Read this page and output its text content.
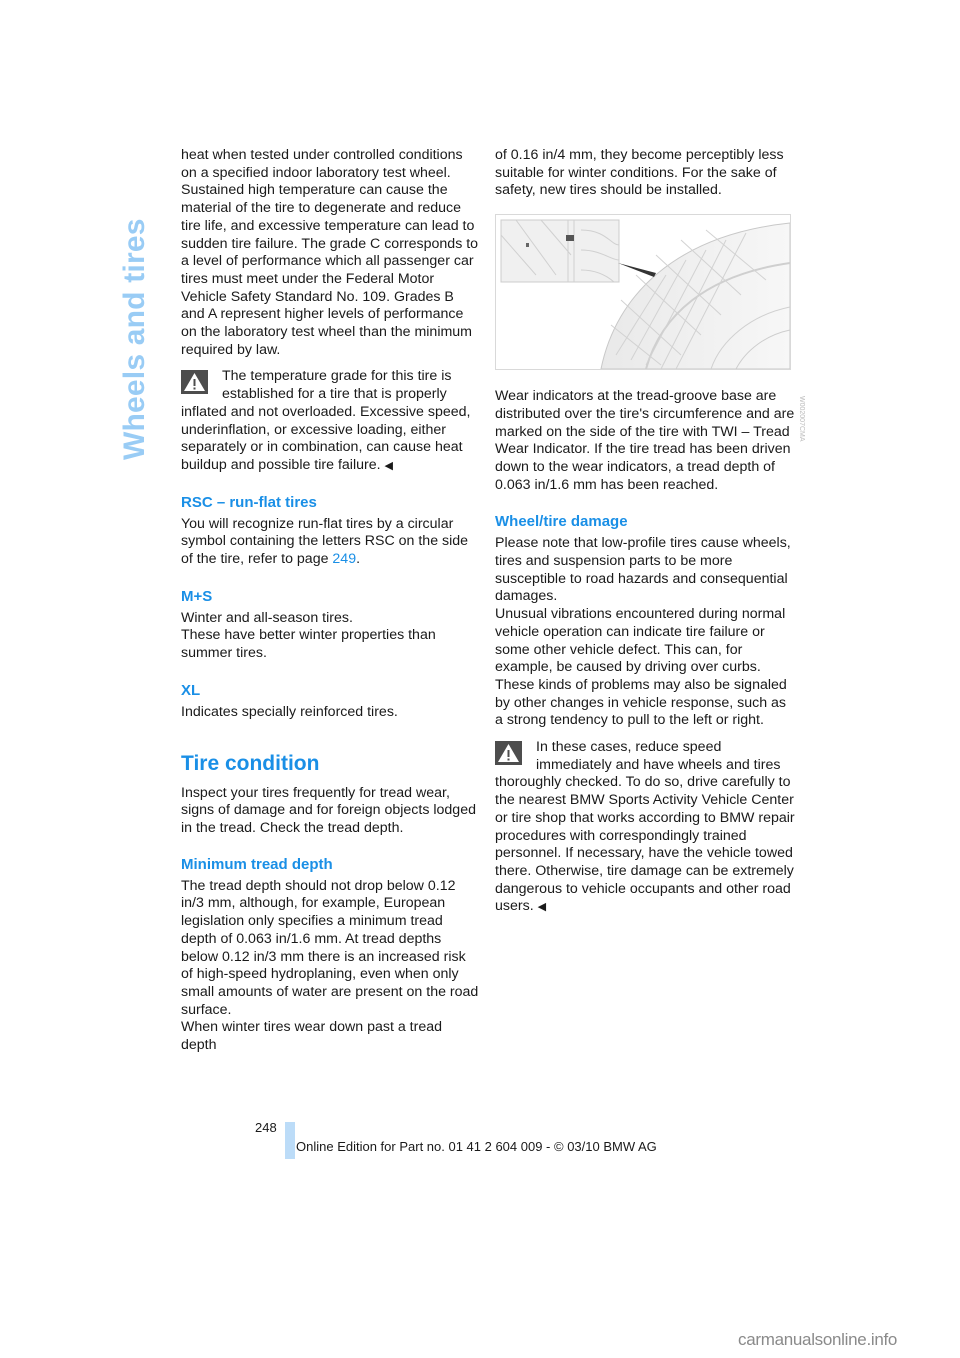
Wheels and tires

heat when tested under controlled conditions on a specified indoor laboratory test wheel. Sustained high temperature can cause the material of the tire to degenerate and reduce tire life, and excessive temperature can lead to sudden tire failure. The grade C corresponds to a level of performance which all passenger car tires must meet under the Federal Motor Vehicle Safety Standard No. 109. Grades B and A represent higher levels of performance on the laboratory test wheel than the minimum required by law.

The temperature grade for this tire is established for a tire that is properly inflated and not overloaded. Excessive speed, underinflation, or excessive loading, either separately or in combination, can cause heat buildup and possible tire failure. ◀
RSC – run-flat tires

You will recognize run-flat tires by a circular symbol containing the letters RSC on the side of the tire, refer to page 249.

M+S

Winter and all-season tires.

These have better winter properties than summer tires.

XL

Indicates specially reinforced tires.

Tire condition

Inspect your tires frequently for tread wear, signs of damage and for foreign objects lodged in the tread. Check the tread depth.

Minimum tread depth

The tread depth should not drop below 0.12 in/3 mm, although, for example, European legislation only specifies a minimum tread depth of 0.063 in/1.6 mm. At tread depths below 0.12 in/3 mm there is an increased risk of high-speed hydroplaning, even when only small amounts of water are present on the road surface.

When winter tires wear down past a tread depth

of 0.16 in/4 mm, they become perceptibly less suitable for winter conditions. For the sake of safety, new tires should be installed.

Wear indicators at the tread-groove base are distributed over the tire's circumference and are marked on the side of the tire with TWI – Tread Wear Indicator. If the tire tread has been driven down to the wear indicators, a tread depth of 0.063 in/1.6 mm has been reached.

Wheel/tire damage

Please note that low-profile tires cause wheels, tires and suspension parts to be more susceptible to road hazards and consequential damages.

Unusual vibrations encountered during normal vehicle operation can indicate tire failure or some other vehicle defect. This can, for example, be caused by driving over curbs. These kinds of problems may also be signaled by other changes in vehicle response, such as a strong tendency to pull to the left or right.

In these cases, reduce speed immediately and have wheels and tires thoroughly checked. To do so, drive carefully to the nearest BMW Sports Activity Vehicle Center or tire shop that works according to BMW repair procedures with correspondingly trained personnel. If necessary, have the vehicle towed there. Otherwise, tire damage can be extremely dangerous to vehicle occupants and other road users. ◀
W002007CMA
248
Online Edition for Part no. 01 41 2 604 009 - © 03/10 BMW AG
carmanualsonline.info
